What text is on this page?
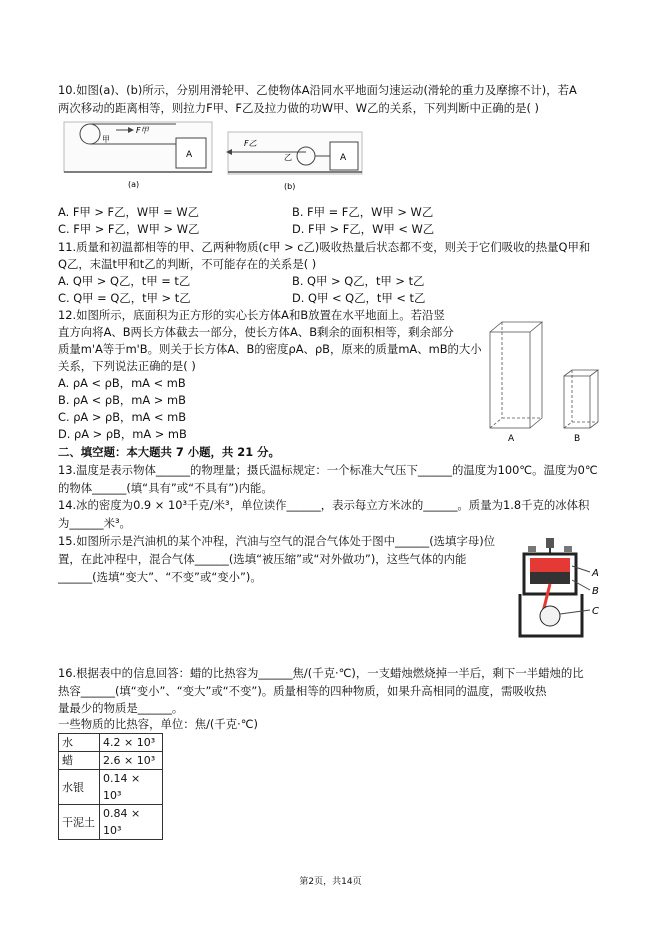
10.如图(a)、(b)所示，分别用滑轮甲、乙使物体A沿同水平地面匀速运动(滑轮的重力及摩擦不计)，若A
两次移动的距离相等，则拉力F甲、F乙及拉力做的功W甲、W乙的关系，下列判断中正确的是( )
F甲
甲
A
(a)
F乙
乙	A
(b)
A. F甲 > F乙，W甲 = W乙	B. F甲 = F乙，W甲 > W乙
C. F甲 > F乙，W甲 > W乙	D. F甲 > F乙，W甲 < W乙
11.质量和初温都相等的甲、乙两种物质(c甲 > c乙)吸收热量后状态都不变，则关于它们吸收的热量Q甲和
Q乙，末温t甲和t乙的判断，不可能存在的关系是( )
A. Q甲 > Q乙，t甲 = t乙	B. Q甲 > Q乙，t甲 > t乙
C. Q甲 = Q乙，t甲 > t乙	D. Q甲 < Q乙，t甲 < t乙
12.如图所示，底面积为正方形的实心长方体A和B放置在水平地面上。若沿竖
直方向将A、B两长方体截去一部分，使长方体A、B剩余的面积相等，剩余部分
质量m'A等于m'B。则关于长方体A、B的密度ρA、ρB，原来的质量mA、mB的大小
关系，下列说法正确的是( )
A. ρA < ρB，mA < mB
B. ρA < ρB，mA > mB
C. ρA > ρB，mA < mB
D. ρA > ρB，mA > mB	A	B
二、填空题：本大题共 7 小题，共 21 分。
13.温度是表示物体______的物理量；摄氏温标规定：一个标准大气压下______的温度为100℃。温度为0℃
的物体______(填“具有”或“不具有”)内能。
14.冰的密度为0.9 × 10³千克/米³，单位读作______，表示每立方米冰的______。质量为1.8千克的冰体积
为______米³。
15.如图所示是汽油机的某个冲程，汽油与空气的混合气体处于图中______(选填字母)位
置，在此冲程中，混合气体______(选填“被压缩”或“对外做功”)，这些气体的内能
______(选填“变大”、“不变”或“变小”)。	A
B
C
16.根据表中的信息回答：蜡的比热容为______焦/(千克·℃)，一支蜡烛燃烧掉一半后，剩下一半蜡烛的比
热容______(填“变小”、“变大”或“不变”)。质量相等的四种物质，如果升高相同的温度，需吸收热
量最少的物质是______。
一些物质的比热容，单位：焦/(千克·℃)
水	4.2 × 10³
蜡	2.6 × 10³
水银	0.14 × 10³
干泥土	0.84 × 10³
第2页，共14页
